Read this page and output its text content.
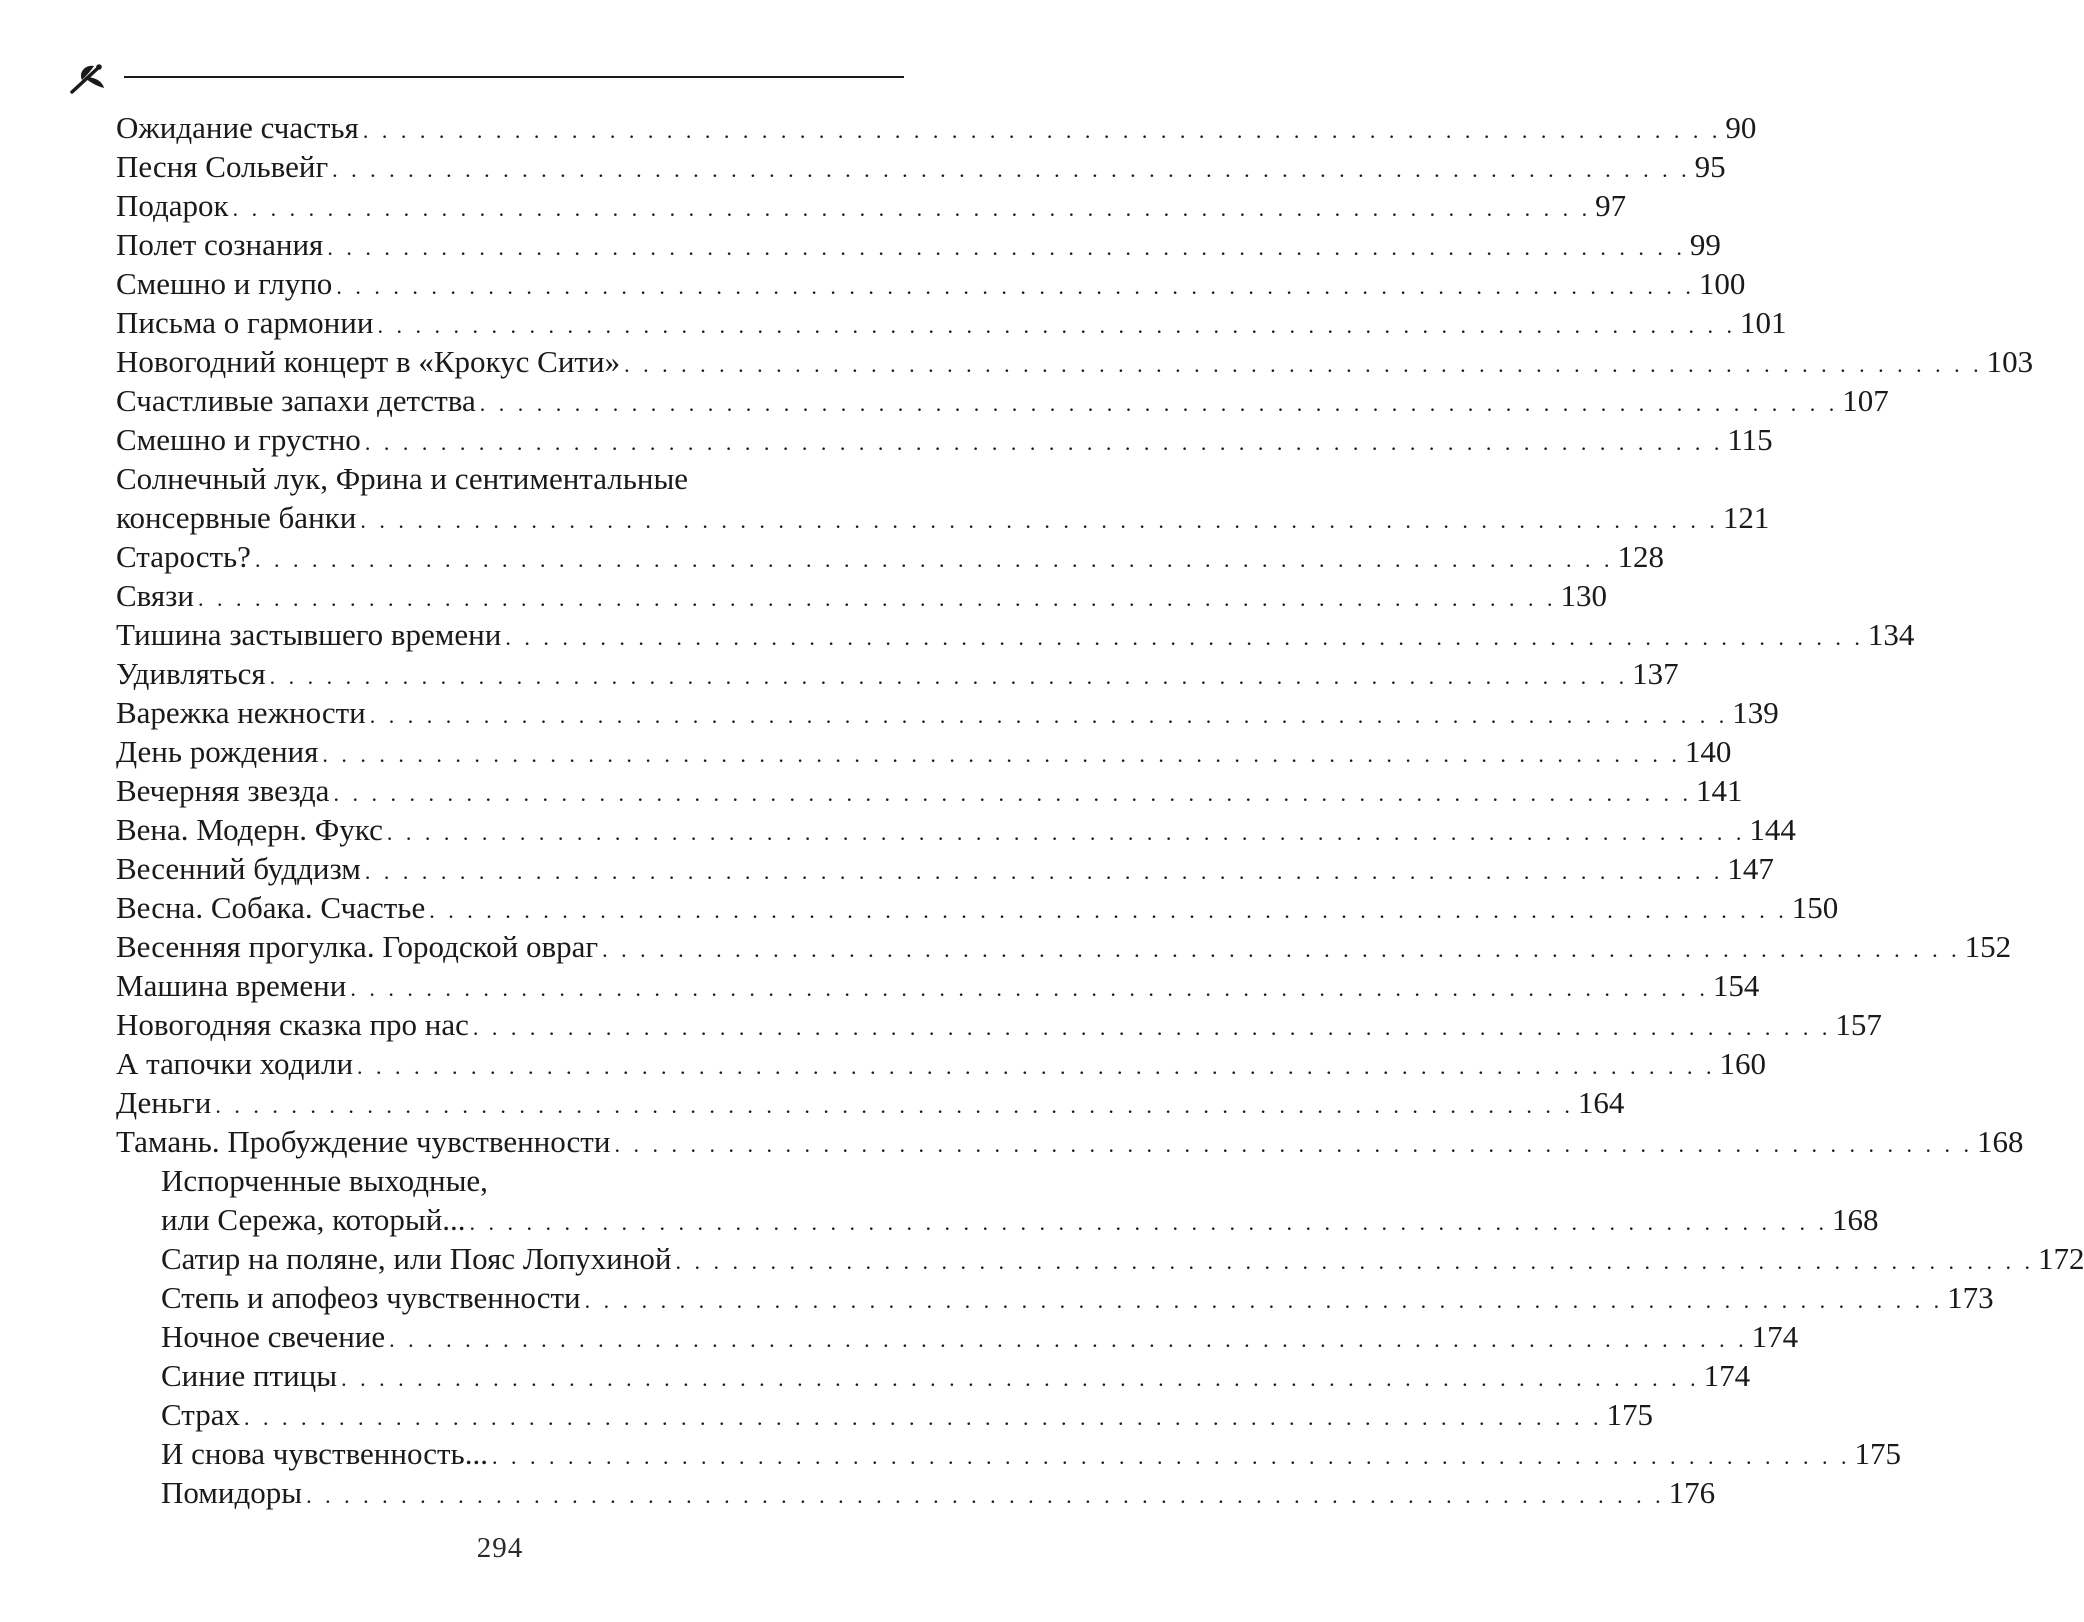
Ожидание счастья . . . . . . . . . . . . . . . . . . . . . . . . . . . . . . . . . . . . . . . . . . . . . . . . . . . . . . . . . . . . . . . . . . . . . . . . 90
Песня Сольвейг . . . . . . . . . . . . . . . . . . . . . . . . . . . . . . . . . . . . . . . . . . . . . . . . . . . . . . . . . . . . . . . . . . . . . . . . 95
Подарок . . . . . . . . . . . . . . . . . . . . . . . . . . . . . . . . . . . . . . . . . . . . . . . . . . . . . . . . . . . . . . . . . . . . . . . . 97
Полет сознания . . . . . . . . . . . . . . . . . . . . . . . . . . . . . . . . . . . . . . . . . . . . . . . . . . . . . . . . . . . . . . . . . . . . . . . . 99
Смешно и глупо . . . . . . . . . . . . . . . . . . . . . . . . . . . . . . . . . . . . . . . . . . . . . . . . . . . . . . . . . . . . . . . . . . . . . . . . 100
Письма о гармонии . . . . . . . . . . . . . . . . . . . . . . . . . . . . . . . . . . . . . . . . . . . . . . . . . . . . . . . . . . . . . . . . . . . . . . . . 101
Новогодний концерт в «Крокус Сити» . . . . . . . . . . . . . . . . . . . . . . . . . . . . . . . . . . . . . . . . . . . . . . . . . . . . . . . . . . . . . . . . . . . . . . . . 103
Счастливые запахи детства . . . . . . . . . . . . . . . . . . . . . . . . . . . . . . . . . . . . . . . . . . . . . . . . . . . . . . . . . . . . . . . . . . . . . . . . 107
Смешно и грустно . . . . . . . . . . . . . . . . . . . . . . . . . . . . . . . . . . . . . . . . . . . . . . . . . . . . . . . . . . . . . . . . . . . . . . . . 115
Солнечный лук, Фрина и сентиментальные
консервные банки . . . . . . . . . . . . . . . . . . . . . . . . . . . . . . . . . . . . . . . . . . . . . . . . . . . . . . . . . . . . . . . . . . . . . . . . 121
Старость? . . . . . . . . . . . . . . . . . . . . . . . . . . . . . . . . . . . . . . . . . . . . . . . . . . . . . . . . . . . . . . . . . . . . . . . . 128
Связи . . . . . . . . . . . . . . . . . . . . . . . . . . . . . . . . . . . . . . . . . . . . . . . . . . . . . . . . . . . . . . . . . . . . . . . . 130
Тишина застывшего времени . . . . . . . . . . . . . . . . . . . . . . . . . . . . . . . . . . . . . . . . . . . . . . . . . . . . . . . . . . . . . . . . . . . . . . . . 134
Удивляться . . . . . . . . . . . . . . . . . . . . . . . . . . . . . . . . . . . . . . . . . . . . . . . . . . . . . . . . . . . . . . . . . . . . . . . . 137
Варежка нежности . . . . . . . . . . . . . . . . . . . . . . . . . . . . . . . . . . . . . . . . . . . . . . . . . . . . . . . . . . . . . . . . . . . . . . . . 139
День рождения . . . . . . . . . . . . . . . . . . . . . . . . . . . . . . . . . . . . . . . . . . . . . . . . . . . . . . . . . . . . . . . . . . . . . . . . 140
Вечерняя звезда . . . . . . . . . . . . . . . . . . . . . . . . . . . . . . . . . . . . . . . . . . . . . . . . . . . . . . . . . . . . . . . . . . . . . . . . 141
Вена. Модерн. Фукс . . . . . . . . . . . . . . . . . . . . . . . . . . . . . . . . . . . . . . . . . . . . . . . . . . . . . . . . . . . . . . . . . . . . . . . . 144
Весенний буддизм . . . . . . . . . . . . . . . . . . . . . . . . . . . . . . . . . . . . . . . . . . . . . . . . . . . . . . . . . . . . . . . . . . . . . . . . 147
Весна. Собака. Счастье . . . . . . . . . . . . . . . . . . . . . . . . . . . . . . . . . . . . . . . . . . . . . . . . . . . . . . . . . . . . . . . . . . . . . . . . 150
Весенняя прогулка. Городской овраг . . . . . . . . . . . . . . . . . . . . . . . . . . . . . . . . . . . . . . . . . . . . . . . . . . . . . . . . . . . . . . . . . . . . . . . . 152
Машина времени . . . . . . . . . . . . . . . . . . . . . . . . . . . . . . . . . . . . . . . . . . . . . . . . . . . . . . . . . . . . . . . . . . . . . . . . 154
Новогодняя сказка про нас . . . . . . . . . . . . . . . . . . . . . . . . . . . . . . . . . . . . . . . . . . . . . . . . . . . . . . . . . . . . . . . . . . . . . . . . 157
А тапочки ходили . . . . . . . . . . . . . . . . . . . . . . . . . . . . . . . . . . . . . . . . . . . . . . . . . . . . . . . . . . . . . . . . . . . . . . . . 160
Деньги . . . . . . . . . . . . . . . . . . . . . . . . . . . . . . . . . . . . . . . . . . . . . . . . . . . . . . . . . . . . . . . . . . . . . . . . 164
Тамань. Пробуждение чувственности . . . . . . . . . . . . . . . . . . . . . . . . . . . . . . . . . . . . . . . . . . . . . . . . . . . . . . . . . . . . . . . . . . . . . . . . 168
Испорченные выходные,
или Сережа, который... . . . . . . . . . . . . . . . . . . . . . . . . . . . . . . . . . . . . . . . . . . . . . . . . . . . . . . . . . . . . . . . . . . . . . . . . 168
Сатир на поляне, или Пояс Лопухиной . . . . . . . . . . . . . . . . . . . . . . . . . . . . . . . . . . . . . . . . . . . . . . . . . . . . . . . . . . . . . . . . . . . . . . . . 172
Степь и апофеоз чувственности . . . . . . . . . . . . . . . . . . . . . . . . . . . . . . . . . . . . . . . . . . . . . . . . . . . . . . . . . . . . . . . . . . . . . . . . 173
Ночное свечение . . . . . . . . . . . . . . . . . . . . . . . . . . . . . . . . . . . . . . . . . . . . . . . . . . . . . . . . . . . . . . . . . . . . . . . . 174
Синие птицы . . . . . . . . . . . . . . . . . . . . . . . . . . . . . . . . . . . . . . . . . . . . . . . . . . . . . . . . . . . . . . . . . . . . . . . . 174
Страх . . . . . . . . . . . . . . . . . . . . . . . . . . . . . . . . . . . . . . . . . . . . . . . . . . . . . . . . . . . . . . . . . . . . . . . . 175
И снова чувственность... . . . . . . . . . . . . . . . . . . . . . . . . . . . . . . . . . . . . . . . . . . . . . . . . . . . . . . . . . . . . . . . . . . . . . . . . 175
Помидоры . . . . . . . . . . . . . . . . . . . . . . . . . . . . . . . . . . . . . . . . . . . . . . . . . . . . . . . . . . . . . . . . . . . . . . . . 176
294
